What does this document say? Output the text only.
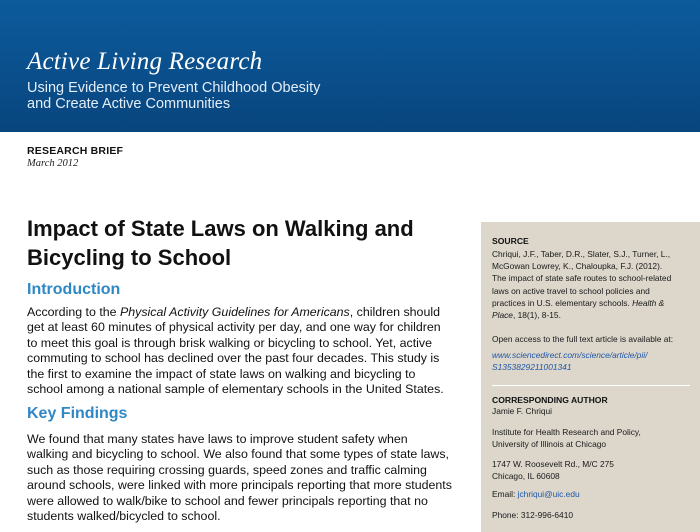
Active Living Research
Using Evidence to Prevent Childhood Obesity
and Create Active Communities
RESEARCH BRIEF
March 2012
Impact of State Laws on Walking and
Bicycling to School
Introduction
According to the Physical Activity Guidelines for Americans, children should get at least 60 minutes of physical activity per day, and one way for children to meet this goal is through brisk walking or bicycling to school. Yet, active commuting to school has declined over the past four decades. This study is the first to examine the impact of state laws on walking and bicycling to school among a national sample of elementary schools in the United States.
Key Findings
We found that many states have laws to improve student safety when walking and bicycling to school. We also found that some types of state laws, such as those requiring crossing guards, speed zones and traffic calming around schools, were linked with more principals reporting that more students were allowed to walk/bike to school and fewer principals reporting that no students walked/bicycled to school.
SOURCE
Chriqui, J.F., Taber, D.R., Slater, S.J., Turner, L.,
McGowan Lowrey, K., Chaloupka, F.J. (2012).
The impact of state safe routes to school-related
laws on active travel to school policies and
practices in U.S. elementary schools. Health &
Place, 18(1), 8-15.
Open access to the full text article is available at:
www.sciencedirect.com/science/article/pii/
S1353829211001341
CORRESPONDING AUTHOR
Jamie F. Chriqui
Institute for Health Research and Policy,
University of Illinois at Chicago
1747 W. Roosevelt Rd., M/C 275
Chicago, IL 60608
Email: jchriqui@uic.edu
Phone: 312-996-6410
